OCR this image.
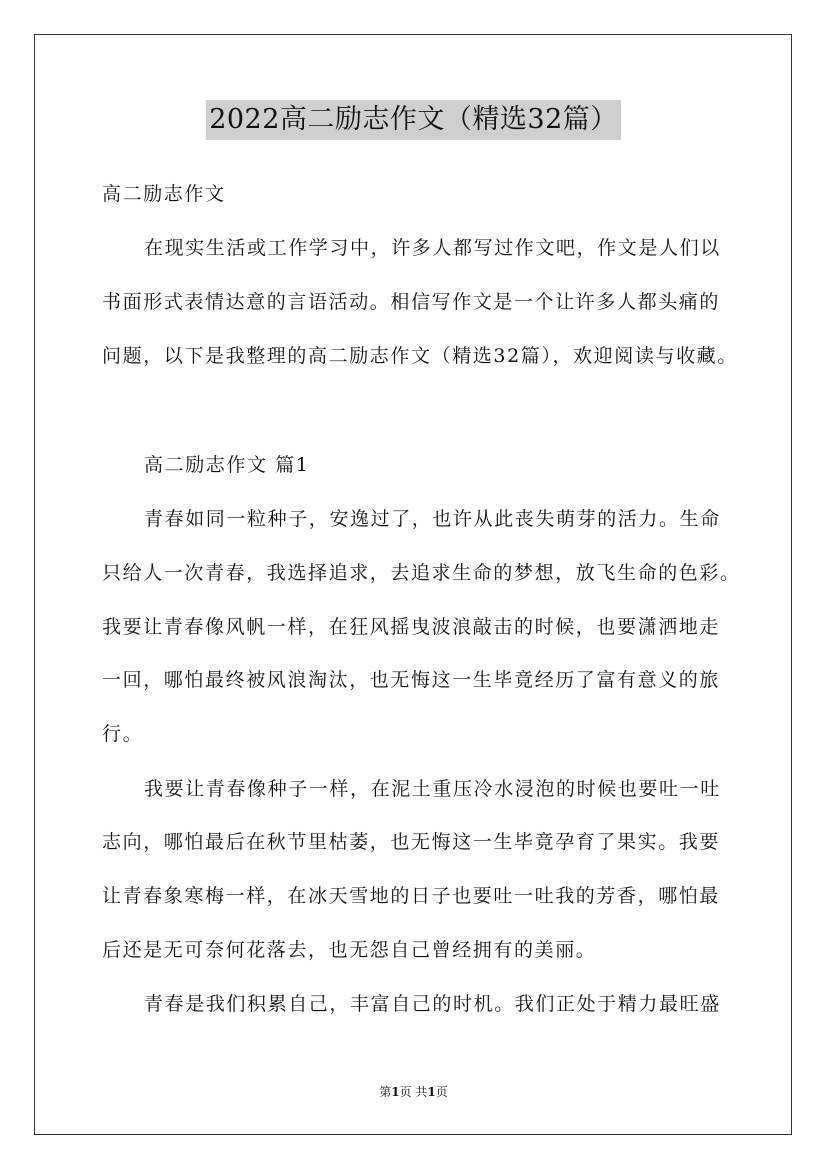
2022高二励志作文（精选32篇）
高二励志作文
在现实生活或工作学习中，许多人都写过作文吧，作文是人们以
书面形式表情达意的言语活动。相信写作文是一个让许多人都头痛的
问题，以下是我整理的高二励志作文（精选32篇），欢迎阅读与收藏。
高二励志作文 篇1
青春如同一粒种子，安逸过了，也许从此丧失萌芽的活力。生命
只给人一次青春，我选择追求，去追求生命的梦想，放飞生命的色彩。
我要让青春像风帆一样，在狂风摇曳波浪敲击的时候，也要潇洒地走
一回，哪怕最终被风浪淘汰，也无悔这一生毕竟经历了富有意义的旅
行。
我要让青春像种子一样，在泥土重压冷水浸泡的时候也要吐一吐
志向，哪怕最后在秋节里枯萎，也无悔这一生毕竟孕育了果实。我要
让青春象寒梅一样，在冰天雪地的日子也要吐一吐我的芳香，哪怕最
后还是无可奈何花落去，也无怨自己曾经拥有的美丽。
青春是我们积累自己，丰富自己的时机。我们正处于精力最旺盛
第1页 共1页
